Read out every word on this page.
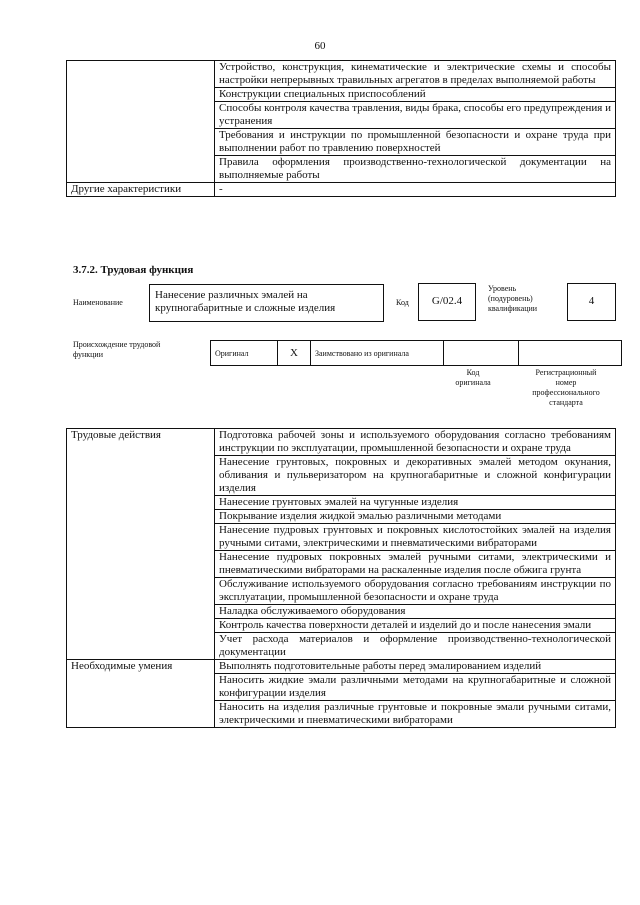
60
	Устройство, конструкция, кинематические и электрические схемы и способы настройки непрерывных травильных агрегатов в пределах выполняемой работы
	Конструкции специальных приспособлений
	Способы контроля качества травления, виды брака, способы его предупреждения и устранения
	Требования и инструкции по промышленной безопасности и охране труда при выполнении работ по травлению поверхностей
	Правила оформления производственно-технологической документации на выполняемые работы
Другие характеристики	-
3.7.2. Трудовая функция
Наименование
Нанесение различных эмалей на крупногабаритные и сложные изделия	Код	G/02.4
Уровень
(подуровень)
квалификации
4
Происхождение трудовой
функции	Оригинал	X	Заимствовано из оригинала		
Код
оригинала
Регистрационный
номер
профессионального
стандарта
Трудовые действия	Подготовка рабочей зоны и используемого оборудования согласно требованиям инструкции по эксплуатации, промышленной безопасности и охране труда
	Нанесение грунтовых, покровных и декоративных эмалей методом окунания, обливания и пульверизатором на крупногабаритные и сложной конфигурации изделия
	Нанесение грунтовых эмалей на чугунные изделия
	Покрывание изделия жидкой эмалью различными методами
	Нанесение пудровых грунтовых и покровных кислотостойких эмалей на изделия ручными ситами, электрическими и пневматическими вибраторами
	Нанесение пудровых покровных эмалей ручными ситами, электрическими и пневматическими вибраторами на раскаленные изделия после обжига грунта
	Обслуживание используемого оборудования согласно требованиям инструкции по эксплуатации, промышленной безопасности и охране труда
	Наладка обслуживаемого оборудования
	Контроль качества поверхности деталей и изделий до и после нанесения эмали
	Учет расхода материалов и оформление производственно-технологической документации
Необходимые умения	Выполнять подготовительные работы перед эмалированием изделий
	Наносить жидкие эмали различными методами на крупногабаритные и сложной конфигурации изделия
	Наносить на изделия различные грунтовые и покровные эмали ручными ситами, электрическими и пневматическими вибраторами
